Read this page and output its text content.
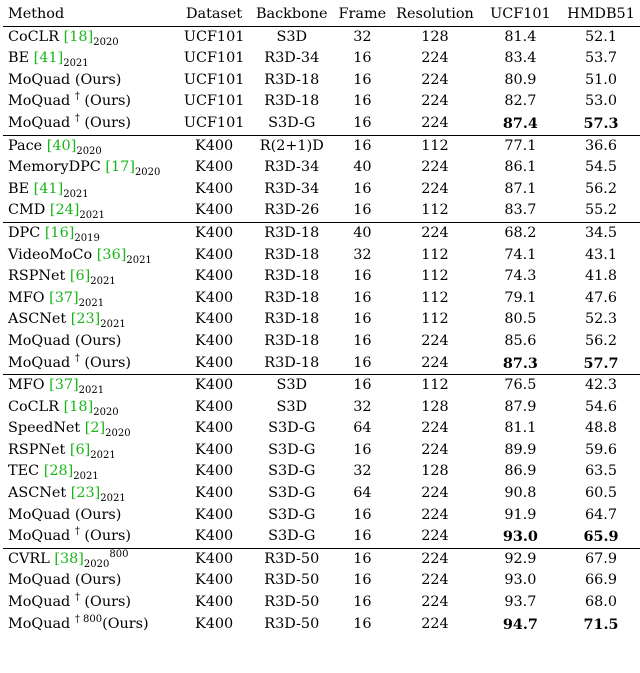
Method	Dataset	Backbone	Frame	Resolution	UCF101	HMDB51
CoCLR $[18]_{2020}$	UCF101	S3D	32	128	81.4	52.1
BE $[41]_{2021}$	UCF101	R3D-34	16	224	83.4	53.7
MoQuad (Ours)	UCF101	R3D-18	16	224	80.9	51.0
MoQuad † (Ours)	UCF101	R3D-18	16	224	82.7	53.0
MoQuad † (Ours)	UCF101	S3D-G	16	224	87.4	57.3
Pace $[40]_{2020}$	K400	R(2+1)D	16	112	77.1	36.6
MemoryDPC $[17]_{2020}$	K400	R3D-34	40	224	86.1	54.5
BE $[41]_{2021}$	K400	R3D-34	16	224	87.1	56.2
CMD $[24]_{2021}$	K400	R3D-26	16	112	83.7	55.2
DPC $[16]_{2019}$	K400	R3D-18	40	224	68.2	34.5
VideoMoCo $[36]_{2021}$	K400	R3D-18	32	112	74.1	43.1
RSPNet $[6]_{2021}$	K400	R3D-18	16	112	74.3	41.8
MFO $[37]_{2021}$	K400	R3D-18	16	112	79.1	47.6
ASCNet $[23]_{2021}$	K400	R3D-18	16	112	80.5	52.3
MoQuad (Ours)	K400	R3D-18	16	224	85.6	56.2
MoQuad † (Ours)	K400	R3D-18	16	224	87.3	57.7
MFO $[37]_{2021}$	K400	S3D	16	112	76.5	42.3
CoCLR $[18]_{2020}$	K400	S3D	32	128	87.9	54.6
SpeedNet $[2]_{2020}$	K400	S3D-G	64	224	81.1	48.8
RSPNet $[6]_{2021}$	K400	S3D-G	16	224	89.9	59.6
TEC $[28]_{2021}$	K400	S3D-G	32	128	86.9	63.5
ASCNet $[23]_{2021}$	K400	S3D-G	64	224	90.8	60.5
MoQuad (Ours)	K400	S3D-G	16	224	91.9	64.7
MoQuad † (Ours)	K400	S3D-G	16	224	93.0	65.9
CVRL $[38]_{2020}^{800}$	K400	R3D-50	16	224	92.9	67.9
MoQuad (Ours)	K400	R3D-50	16	224	93.0	66.9
MoQuad † (Ours)	K400	R3D-50	16	224	93.7	68.0
MoQuad $^{\dagger 800}$(Ours)	K400	R3D-50	16	224	94.7	71.5
